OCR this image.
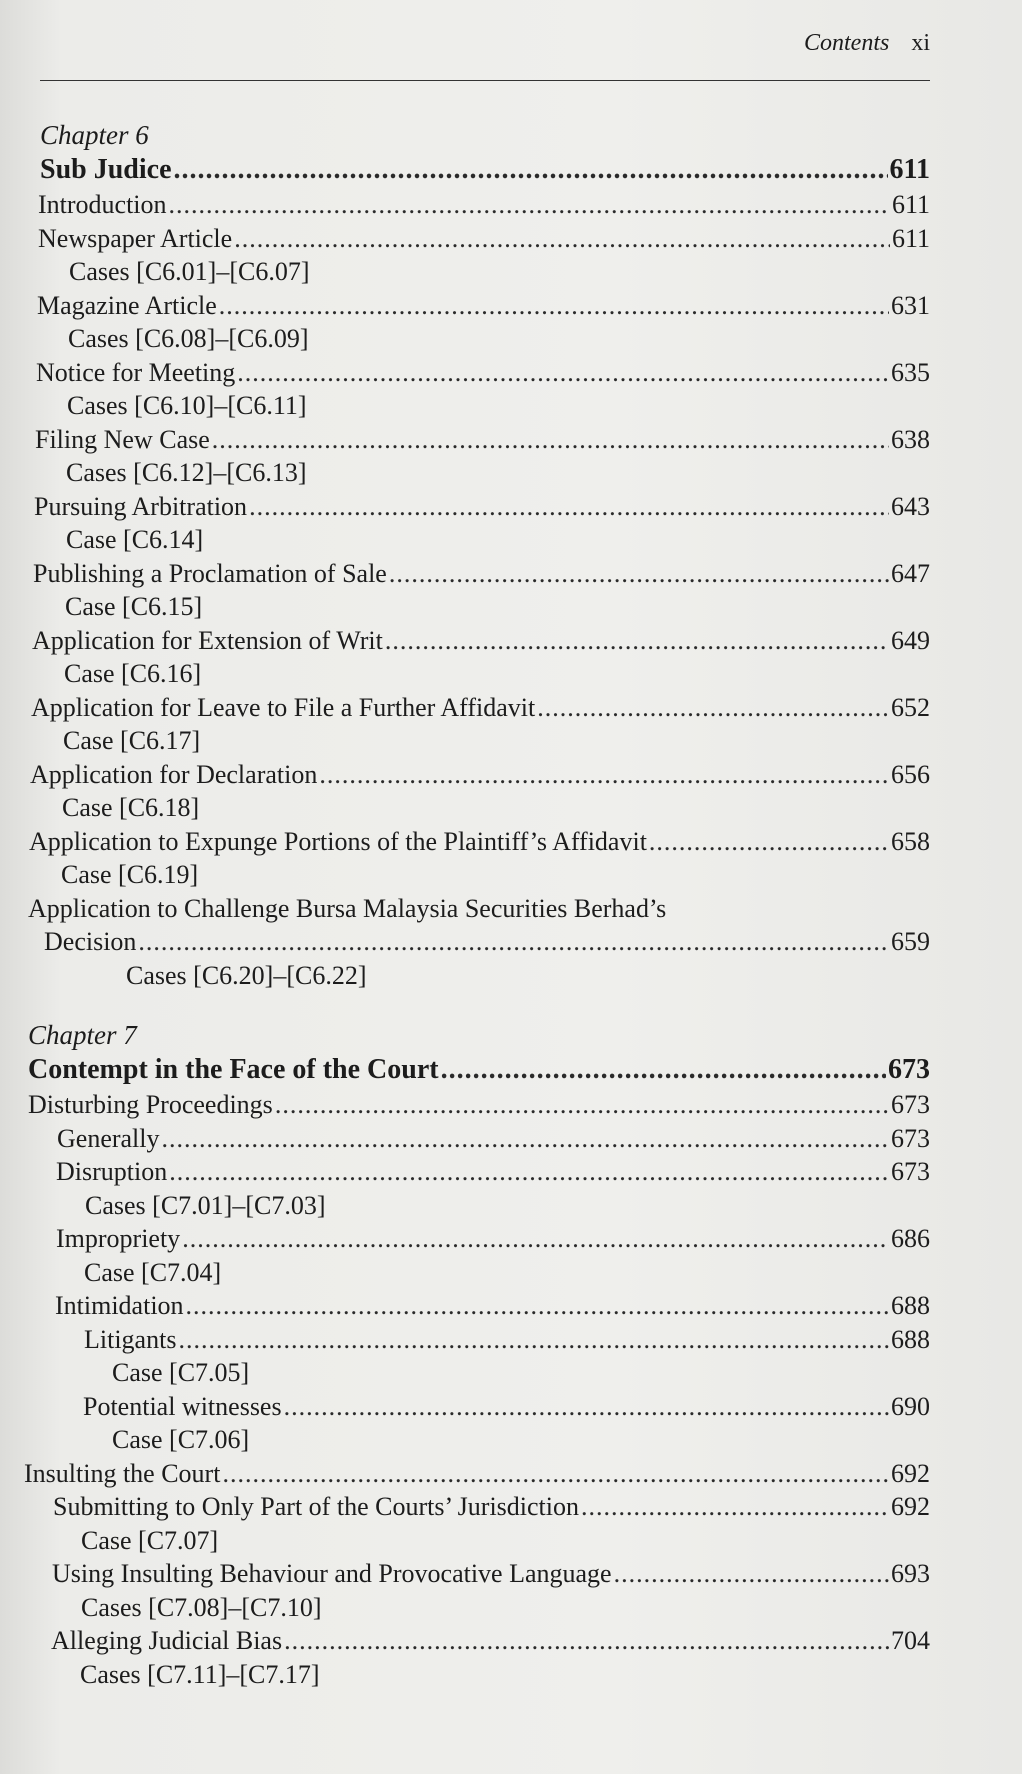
Contents xi
Chapter 6
Sub Judice .....	611
Introduction .....	611
Newspaper Article .....	611
Cases [C6.01]–[C6.07]
Magazine Article .....	631
Cases [C6.08]–[C6.09]
Notice for Meeting .....	635
Cases [C6.10]–[C6.11]
Filing New Case .....	638
Cases [C6.12]–[C6.13]
Pursuing Arbitration .....	643
Case [C6.14]
Publishing a Proclamation of Sale .....	647
Case [C6.15]
Application for Extension of Writ .....	649
Case [C6.16]
Application for Leave to File a Further Affidavit .....	652
Case [C6.17]
Application for Declaration .....	656
Case [C6.18]
Application to Expunge Portions of the Plaintiff’s Affidavit .....	658
Case [C6.19]
Application to Challenge Bursa Malaysia Securities Berhad’s
Decision .....	659
Cases [C6.20]–[C6.22]
Chapter 7
Contempt in the Face of the Court .....	673
Disturbing Proceedings .....	673
Generally .....	673
Disruption .....	673
Cases [C7.01]–[C7.03]
Impropriety .....	686
Case [C7.04]
Intimidation .....	688
Litigants .....	688
Case [C7.05]
Potential witnesses .....	690
Case [C7.06]
Insulting the Court .....	692
Submitting to Only Part of the Courts’ Jurisdiction .....	692
Case [C7.07]
Using Insulting Behaviour and Provocative Language .....	693
Cases [C7.08]–[C7.10]
Alleging Judicial Bias .....	704
Cases [C7.11]–[C7.17]
